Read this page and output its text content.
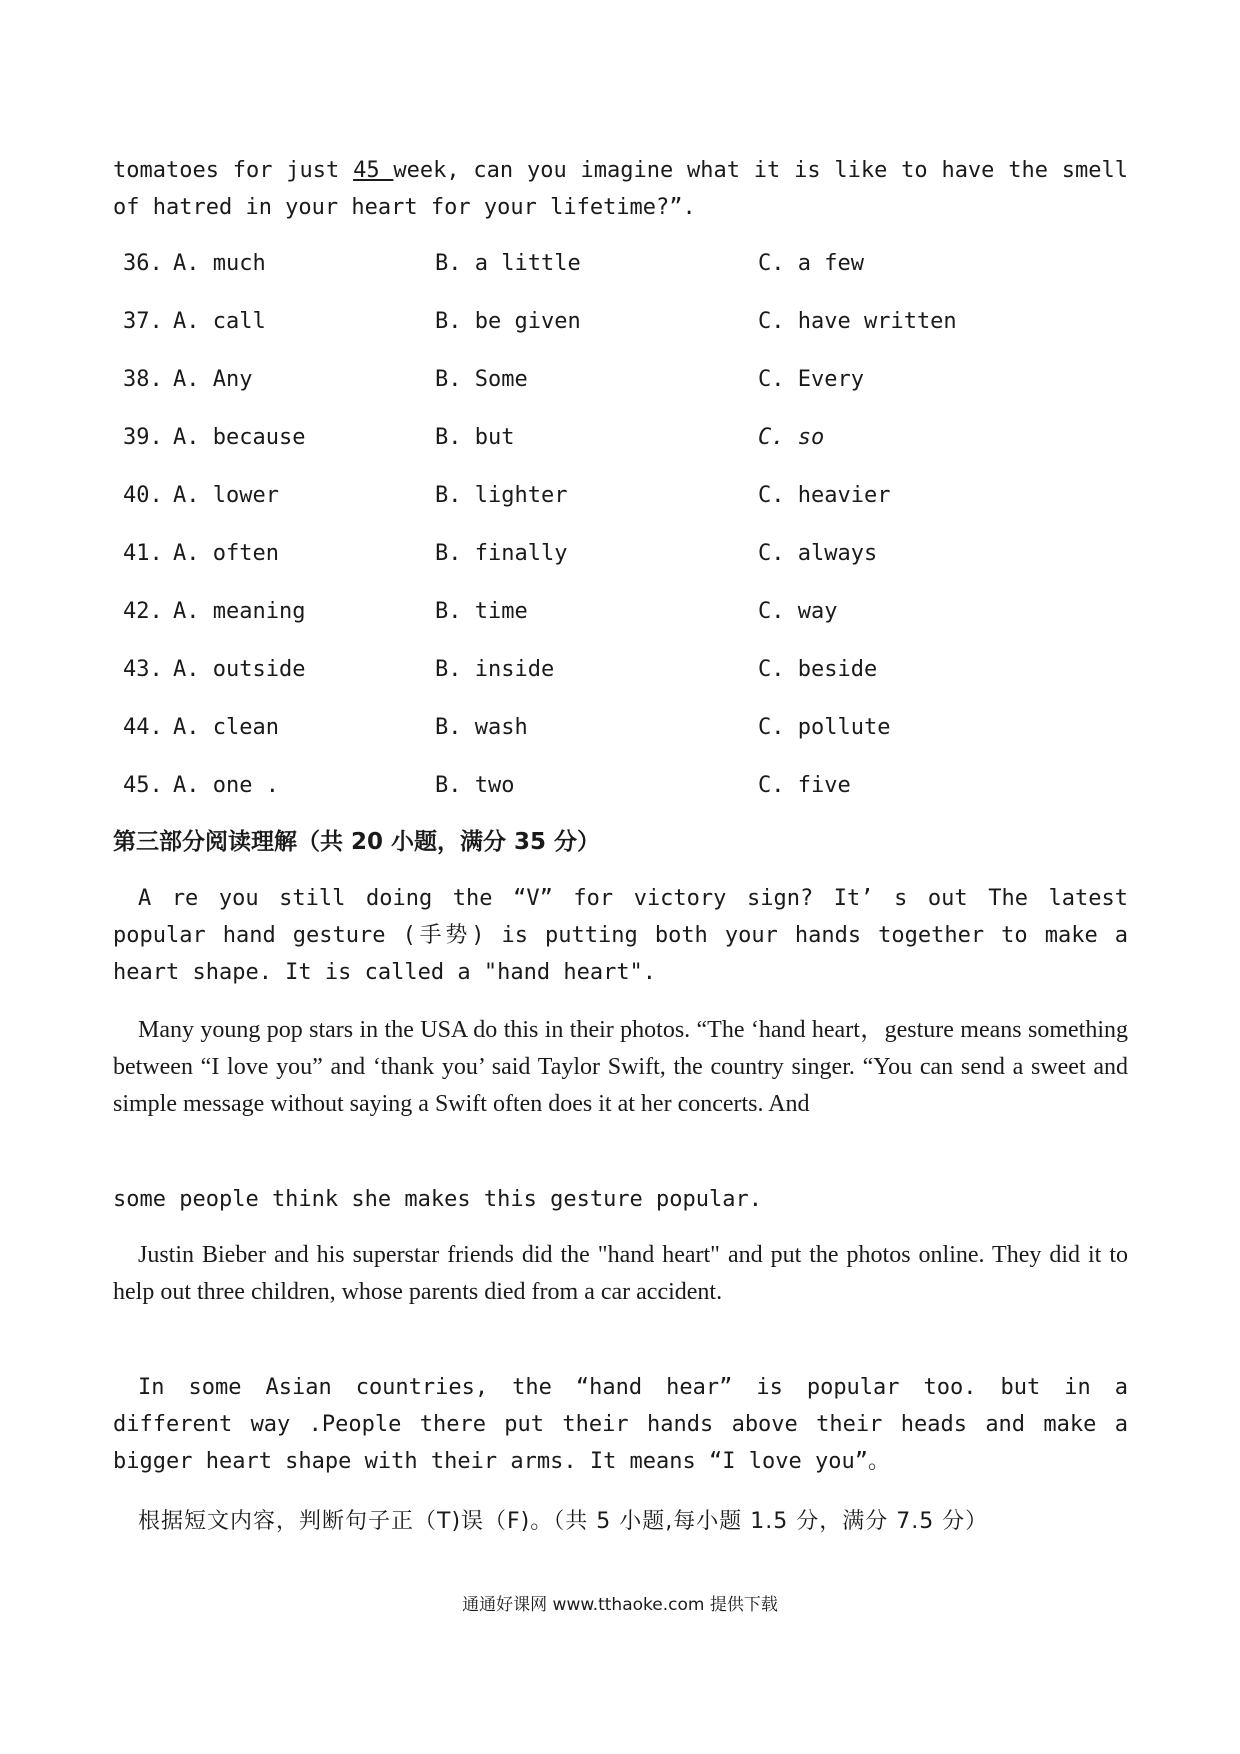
tomatoes for just 45 week, can you imagine what it is like to have the smell of hatred in your heart for your lifetime?”.
36. A. much	B. a little	C. a few
37. A. call	B. be given	C. have written
38. A. Any	B. Some	C. Every
39. A. because	B. but	C. so
40. A. lower	B. lighter	C. heavier
41. A. often	B. finally	C. always
42. A. meaning	B. time	C. way
43. A. outside	B. inside	C. beside
44. A. clean	B. wash	C. pollute
45. A. one .	B. two	C. five
第三部分阅读理解（共 20 小题，满分 35 分）
A re you still doing the “V” for victory sign? It’ s out The latest popular hand gesture (手势) is putting both your hands together to make a heart shape. It is called a "hand heart".
Many young pop stars in the USA do this in their photos. “The ‘hand heart，gesture means something between “I love you” and ‘thank you’ said Taylor Swift, the country singer. “You can send a sweet and simple message without saying a Swift often does it at her concerts. And
some people think she makes this gesture popular.
Justin Bieber and his superstar friends did the "hand heart" and put the photos online. They did it to help out three children, whose parents died from a car accident.
In some Asian countries, the “hand hear” is popular too. but in a different way .People there put their hands above their heads and make a bigger heart shape with their arms. It means “I love you”。
根据短文内容，判断句子正（T)误（F)。（共 5 小题,每小题 1.5 分，满分 7.5 分）
通通好课网 www.tthaoke.com 提供下载
